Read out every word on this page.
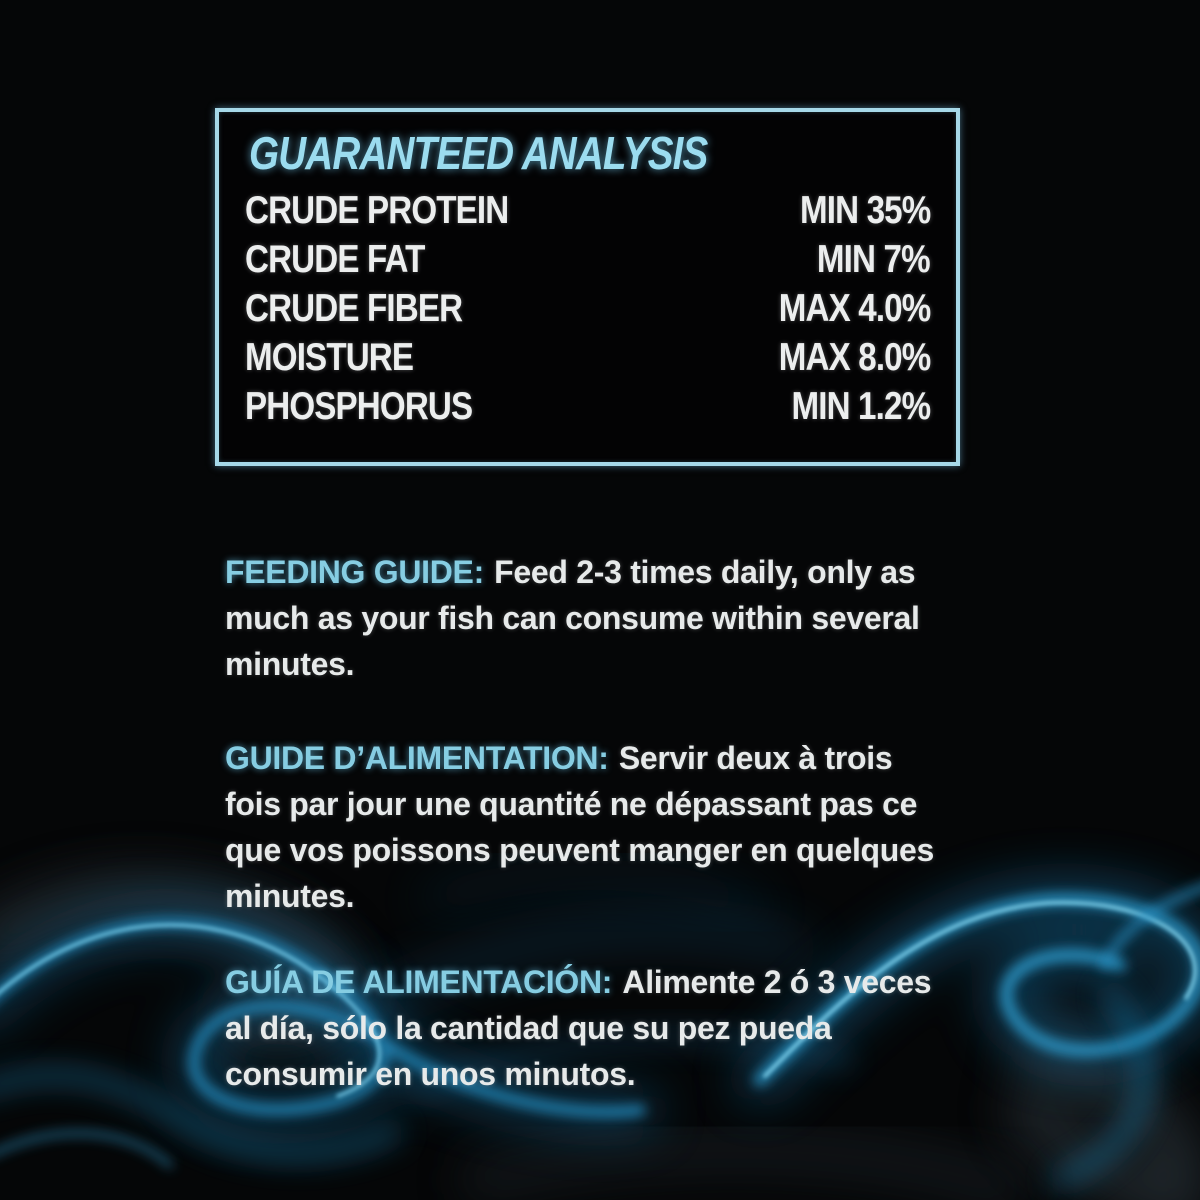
GUARANTEED ANALYSIS
CRUDE PROTEIN	MIN 35%
CRUDE FAT	MIN 7%
CRUDE FIBER	MAX 4.0%
MOISTURE	MAX 8.0%
PHOSPHORUS	MIN 1.2%

FEEDING GUIDE: Feed 2-3 times daily, only as much as your fish can consume within several minutes.

GUIDE D’ALIMENTATION: Servir deux à trois fois par jour une quantité ne dépassant pas ce que vos poissons peuvent manger en quelques minutes.

GUÍA DE ALIMENTACIÓN: Alimente 2 ó 3 veces al día, sólo la cantidad que su pez pueda consumir en unos minutos.
